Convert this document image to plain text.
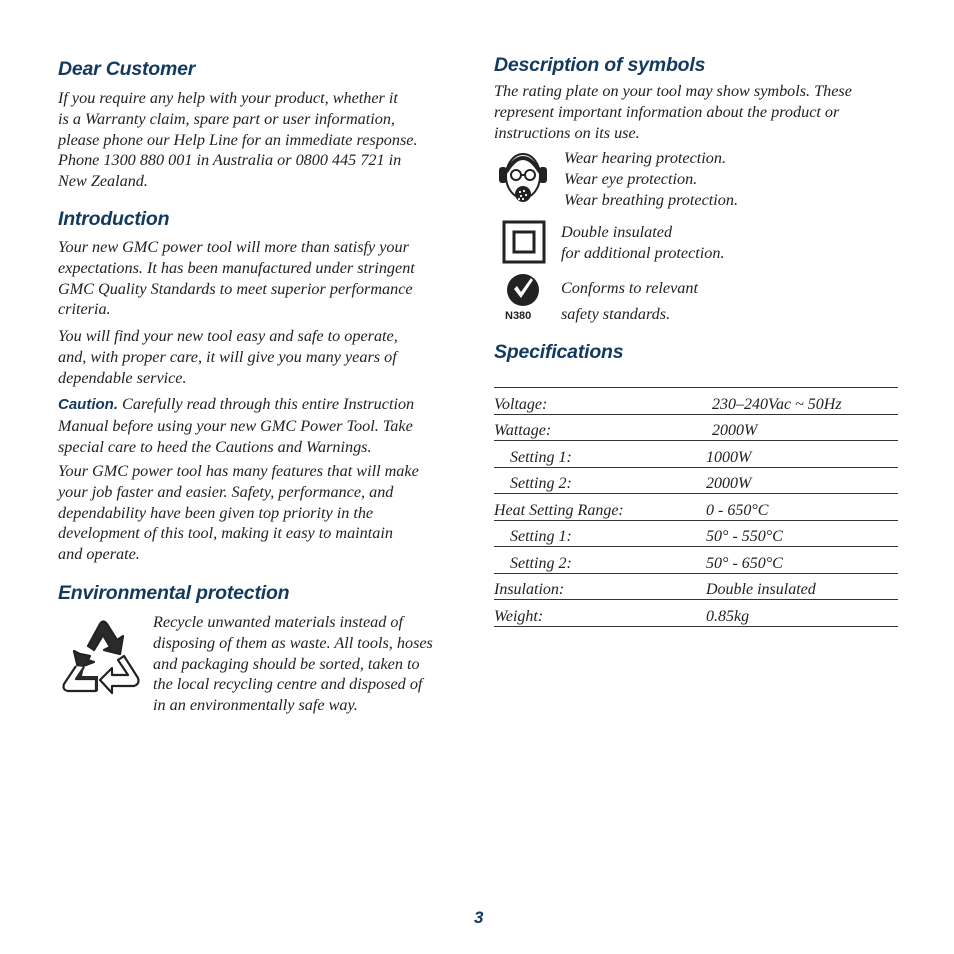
Dear Customer
If you require any help with your product, whether it
is a Warranty claim, spare part or user information,
please phone our Help Line for an immediate response.
Phone 1300 880 001 in Australia or 0800 445 721 in
New Zealand.
Introduction
Your new GMC power tool will more than satisfy your
expectations. It has been manufactured under stringent
GMC Quality Standards to meet superior performance
criteria.
You will find your new tool easy and safe to operate,
and, with proper care, it will give you many years of
dependable service.
Caution. Carefully read through this entire Instruction
Manual before using your new GMC Power Tool. Take
special care to heed the Cautions and Warnings.
Your GMC power tool has many features that will make
your job faster and easier. Safety, performance, and
dependability have been given top priority in the
development of this tool, making it easy to maintain
and operate.
Environmental protection
Recycle unwanted materials instead of
disposing of them as waste. All tools, hoses
and packaging should be sorted, taken to
the local recycling centre and disposed of
in an environmentally safe way.
Description of symbols
The rating plate on your tool may show symbols. These
represent important information about the product or
instructions on its use.
Wear hearing protection.
Wear eye protection.
Wear breathing protection.
Double insulated
for additional protection.
N380
Conforms to relevant
safety standards.
Specifications
Voltage:	230–240Vac ~ 50Hz
Wattage:	2000W
Setting 1:	1000W
Setting 2:	2000W
Heat Setting Range:	0 - 650°C
Setting 1:	50° - 550°C
Setting 2:	50° - 650°C
Insulation:	Double insulated
Weight:	0.85kg
3
